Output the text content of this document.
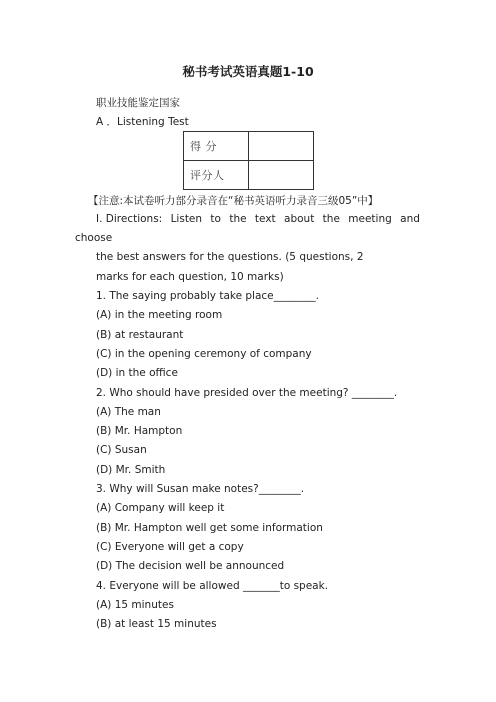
秘书考试英语真题1-10
职业技能鉴定国家
A ．Listening Test
得 分	
评分人	
【注意:本试卷听力部分录音在“秘书英语听力录音三级05”中】
Ⅰ. Directions: Listen to the text about the meeting and
choose
the best answers for the questions. (5 questions, 2
marks for each question, 10 marks)
1. The saying probably take place________.
(A) in the meeting room
(B) at restaurant
(C) in the opening ceremony of company
(D) in the office
2. Who should have presided over the meeting? ________.
(A) The man
(B) Mr. Hampton
(C) Susan
(D) Mr. Smith
3. Why will Susan make notes?________.
(A) Company will keep it
(B) Mr. Hampton well get some information
(C) Everyone will get a copy
(D) The decision well be announced
4. Everyone will be allowed _______to speak.
(A) 15 minutes
(B) at least 15 minutes
